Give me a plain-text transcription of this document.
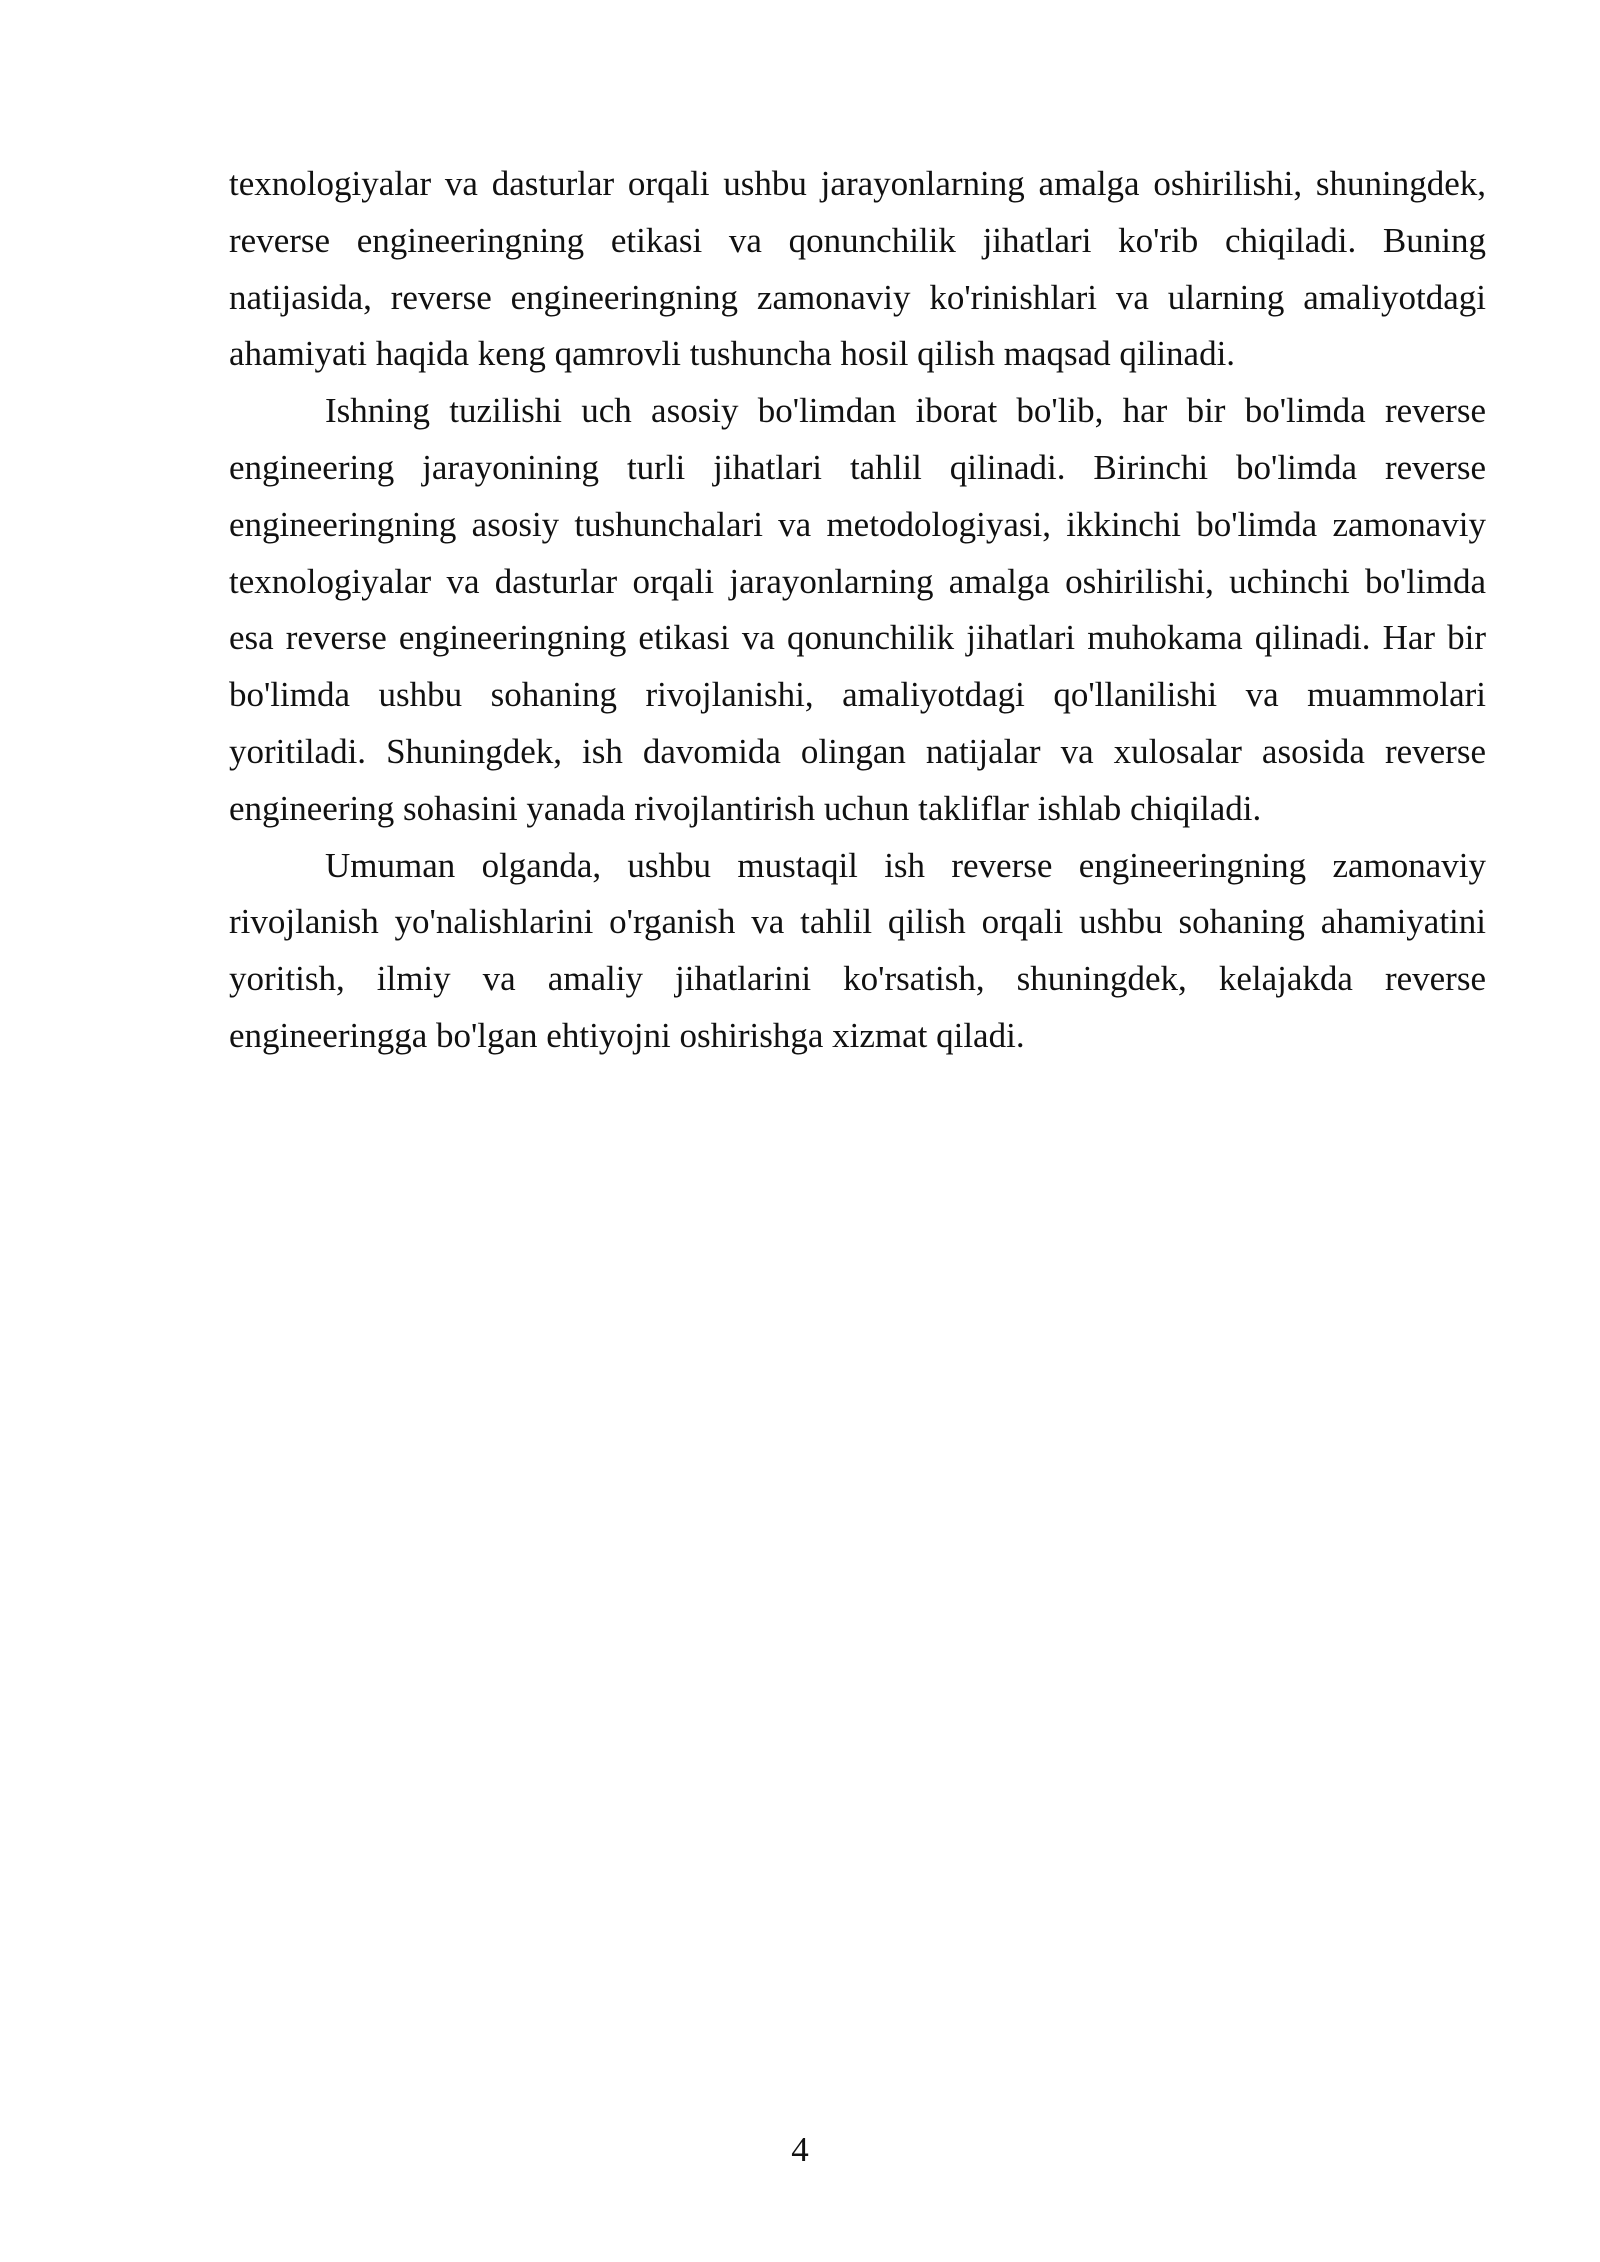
texnologiyalar va dasturlar orqali ushbu jarayonlarning amalga oshirilishi, shuningdek, reverse engineeringning etikasi va qonunchilik jihatlari ko'rib chiqiladi. Buning natijasida, reverse engineeringning zamonaviy ko'rinishlari va ularning amaliyotdagi ahamiyati haqida keng qamrovli tushuncha hosil qilish maqsad qilinadi.

Ishning tuzilishi uch asosiy bo'limdan iborat bo'lib, har bir bo'limda reverse engineering jarayonining turli jihatlari tahlil qilinadi. Birinchi bo'limda reverse engineeringning asosiy tushunchalari va metodologiyasi, ikkinchi bo'limda zamonaviy texnologiyalar va dasturlar orqali jarayonlarning amalga oshirilishi, uchinchi bo'limda esa reverse engineeringning etikasi va qonunchilik jihatlari muhokama qilinadi. Har bir bo'limda ushbu sohaning rivojlanishi, amaliyotdagi qo'llanilishi va muammolari yoritiladi. Shuningdek, ish davomida olingan natijalar va xulosalar asosida reverse engineering sohasini yanada rivojlantirish uchun takliflar ishlab chiqiladi.

Umuman olganda, ushbu mustaqil ish reverse engineeringning zamonaviy rivojlanish yo'nalishlarini o'rganish va tahlil qilish orqali ushbu sohaning ahamiyatini yoritish, ilmiy va amaliy jihatlarini ko'rsatish, shuningdek, kelajakda reverse engineeringga bo'lgan ehtiyojni oshirishga xizmat qiladi.

4
